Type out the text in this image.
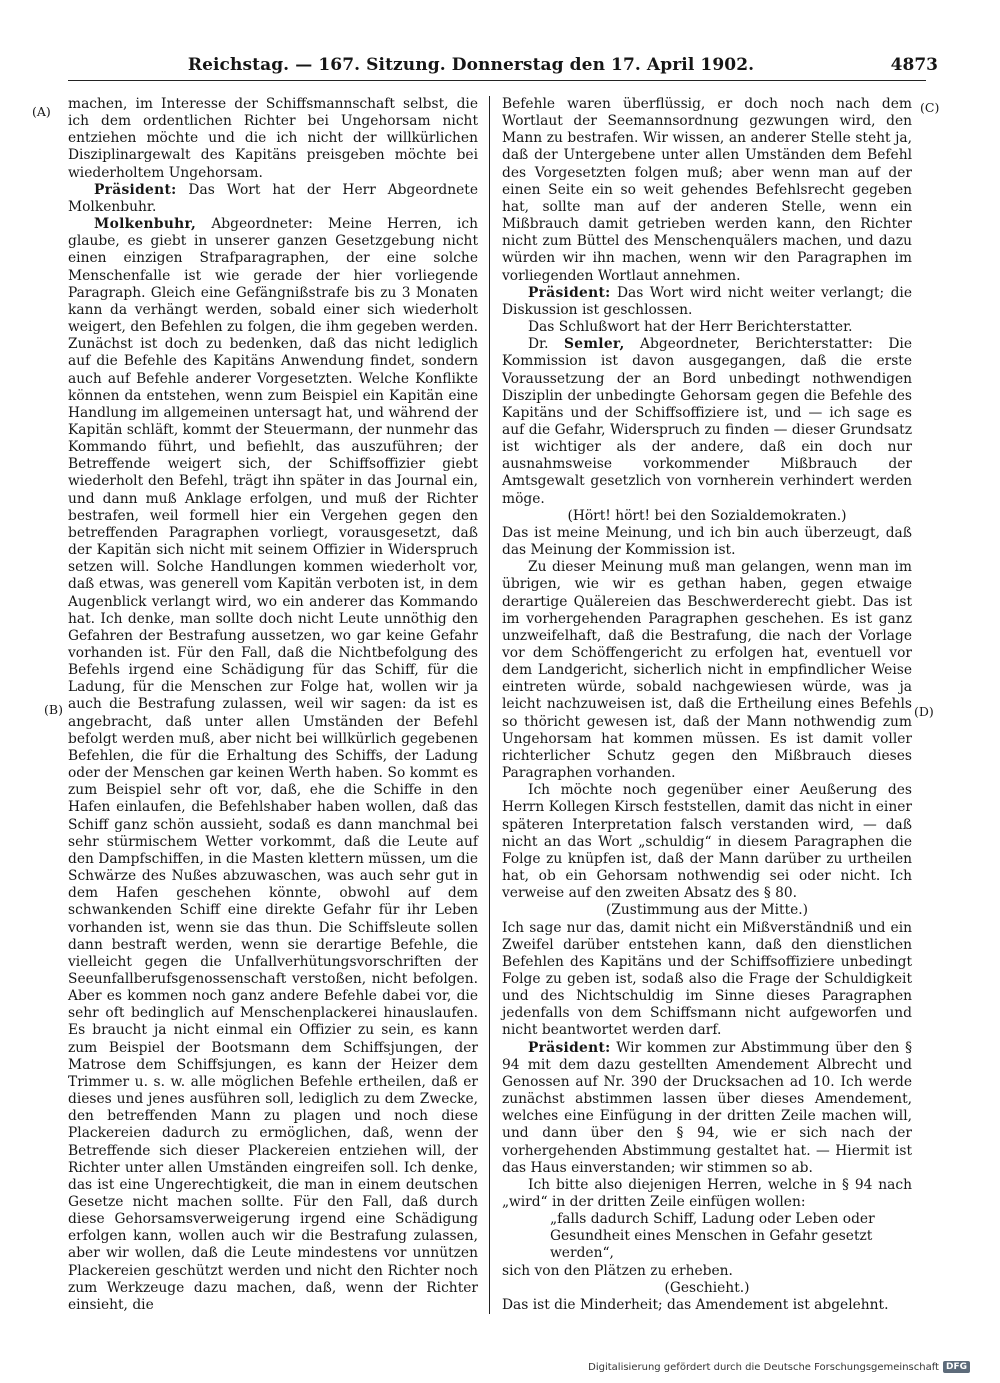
Reichstag. — 167. Sitzung. Donnerstag den 17. April 1902.	4873
(A)
(B)
(C)
(D)

machen, im Interesse der Schiffsmannschaft selbst, die ich dem ordentlichen Richter bei Ungehorsam nicht entziehen möchte und die ich nicht der willkürlichen Disziplinargewalt des Kapitäns preisgeben möchte bei wiederholtem Ungehorsam.

Präsident: Das Wort hat der Herr Abgeordnete Molkenbuhr.

Molkenbuhr, Abgeordneter: Meine Herren, ich glaube, es giebt in unserer ganzen Gesetzgebung nicht einen einzigen Strafparagraphen, der eine solche Menschenfalle ist wie gerade der hier vorliegende Paragraph. Gleich eine Gefängnißstrafe bis zu 3 Monaten kann da verhängt werden, sobald einer sich wiederholt weigert, den Befehlen zu folgen, die ihm gegeben werden. Zunächst ist doch zu bedenken, daß das nicht lediglich auf die Befehle des Kapitäns Anwendung findet, sondern auch auf Befehle anderer Vorgesetzten. Welche Konflikte können da entstehen, wenn zum Beispiel ein Kapitän eine Handlung im allgemeinen untersagt hat, und während der Kapitän schläft, kommt der Steuermann, der nunmehr das Kommando führt, und befiehlt, das auszuführen; der Betreffende weigert sich, der Schiffsoffizier giebt wiederholt den Befehl, trägt ihn später in das Journal ein, und dann muß Anklage erfolgen, und muß der Richter bestrafen, weil formell hier ein Vergehen gegen den betreffenden Paragraphen vorliegt, vorausgesetzt, daß der Kapitän sich nicht mit seinem Offizier in Widerspruch setzen will. Solche Handlungen kommen wiederholt vor, daß etwas, was generell vom Kapitän verboten ist, in dem Augenblick verlangt wird, wo ein anderer das Kommando hat. Ich denke, man sollte doch nicht Leute unnöthig den Gefahren der Bestrafung aussetzen, wo gar keine Gefahr vorhanden ist. Für den Fall, daß die Nichtbefolgung des Befehls irgend eine Schädigung für das Schiff, für die Ladung, für die Menschen zur Folge hat, wollen wir ja auch die Bestrafung zulassen, weil wir sagen: da ist es angebracht, daß unter allen Umständen der Befehl befolgt werden muß, aber nicht bei willkürlich gegebenen Befehlen, die für die Erhaltung des Schiffs, der Ladung oder der Menschen gar keinen Werth haben. So kommt es zum Beispiel sehr oft vor, daß, ehe die Schiffe in den Hafen einlaufen, die Befehlshaber haben wollen, daß das Schiff ganz schön aussieht, sodaß es dann manchmal bei sehr stürmischem Wetter vorkommt, daß die Leute auf den Dampfschiffen, in die Masten klettern müssen, um die Schwärze des Nußes abzuwaschen, was auch sehr gut in dem Hafen geschehen könnte, obwohl auf dem schwankenden Schiff eine direkte Gefahr für ihr Leben vorhanden ist, wenn sie das thun. Die Schiffsleute sollen dann bestraft werden, wenn sie derartige Befehle, die vielleicht gegen die Unfallverhütungsvorschriften der Seeunfallberufsgenossenschaft verstoßen, nicht befolgen. Aber es kommen noch ganz andere Befehle dabei vor, die sehr oft bedinglich auf Menschenplackerei hinauslaufen. Es braucht ja nicht einmal ein Offizier zu sein, es kann zum Beispiel der Bootsmann dem Schiffsjungen, der Matrose dem Schiffsjungen, es kann der Heizer dem Trimmer u. s. w. alle möglichen Befehle ertheilen, daß er dieses und jenes ausführen soll, lediglich zu dem Zwecke, den betreffenden Mann zu plagen und noch diese Plackereien dadurch zu ermöglichen, daß, wenn der Betreffende sich dieser Plackereien entziehen will, der Richter unter allen Umständen eingreifen soll. Ich denke, das ist eine Ungerechtigkeit, die man in einem deutschen Gesetze nicht machen sollte. Für den Fall, daß durch diese Gehorsamsverweigerung irgend eine Schädigung erfolgen kann, wollen auch wir die Bestrafung zulassen, aber wir wollen, daß die Leute mindestens vor unnützen Plackereien geschützt werden und nicht den Richter noch zum Werkzeuge dazu machen, daß, wenn der Richter einsieht, die

Befehle waren überflüssig, er doch noch nach dem Wortlaut der Seemannsordnung gezwungen wird, den Mann zu bestrafen. Wir wissen, an anderer Stelle steht ja, daß der Untergebene unter allen Umständen dem Befehl des Vorgesetzten folgen muß; aber wenn man auf der einen Seite ein so weit gehendes Befehlsrecht gegeben hat, sollte man auf der anderen Stelle, wenn ein Mißbrauch damit getrieben werden kann, den Richter nicht zum Büttel des Menschenquälers machen, und dazu würden wir ihn machen, wenn wir den Paragraphen im vorliegenden Wortlaut annehmen.

Präsident: Das Wort wird nicht weiter verlangt; die Diskussion ist geschlossen.

Das Schlußwort hat der Herr Berichterstatter.

Dr. Semler, Abgeordneter, Berichterstatter: Die Kommission ist davon ausgegangen, daß die erste Voraussetzung der an Bord unbedingt nothwendigen Disziplin der unbedingte Gehorsam gegen die Befehle des Kapitäns und der Schiffsoffiziere ist, und — ich sage es auf die Gefahr, Widerspruch zu finden — dieser Grundsatz ist wichtiger als der andere, daß ein doch nur ausnahmsweise vorkommender Mißbrauch der Amtsgewalt gesetzlich von vornherein verhindert werden möge.

(Hört! hört! bei den Sozialdemokraten.)

Das ist meine Meinung, und ich bin auch überzeugt, daß das Meinung der Kommission ist.

Zu dieser Meinung muß man gelangen, wenn man im übrigen, wie wir es gethan haben, gegen etwaige derartige Quälereien das Beschwerderecht giebt. Das ist im vorhergehenden Paragraphen geschehen. Es ist ganz unzweifelhaft, daß die Bestrafung, die nach der Vorlage vor dem Schöffengericht zu erfolgen hat, eventuell vor dem Landgericht, sicherlich nicht in empfindlicher Weise eintreten würde, sobald nachgewiesen würde, was ja leicht nachzuweisen ist, daß die Ertheilung eines Befehls so thöricht gewesen ist, daß der Mann nothwendig zum Ungehorsam hat kommen müssen. Es ist damit voller richterlicher Schutz gegen den Mißbrauch dieses Paragraphen vorhanden.

Ich möchte noch gegenüber einer Aeußerung des Herrn Kollegen Kirsch feststellen, damit das nicht in einer späteren Interpretation falsch verstanden wird, — daß nicht an das Wort „schuldig“ in diesem Paragraphen die Folge zu knüpfen ist, daß der Mann darüber zu urtheilen hat, ob ein Gehorsam nothwendig sei oder nicht. Ich verweise auf den zweiten Absatz des § 80.

(Zustimmung aus der Mitte.)

Ich sage nur das, damit nicht ein Mißverständniß und ein Zweifel darüber entstehen kann, daß den dienstlichen Befehlen des Kapitäns und der Schiffsoffiziere unbedingt Folge zu geben ist, sodaß also die Frage der Schuldigkeit und des Nichtschuldig im Sinne dieses Paragraphen jedenfalls von dem Schiffsmann nicht aufgeworfen und nicht beantwortet werden darf.

Präsident: Wir kommen zur Abstimmung über den § 94 mit dem dazu gestellten Amendement Albrecht und Genossen auf Nr. 390 der Drucksachen ad 10. Ich werde zunächst abstimmen lassen über dieses Amendement, welches eine Einfügung in der dritten Zeile machen will, und dann über den § 94, wie er sich nach der vorhergehenden Abstimmung gestaltet hat. — Hiermit ist das Haus einverstanden; wir stimmen so ab.

Ich bitte also diejenigen Herren, welche in § 94 nach „wird“ in der dritten Zeile einfügen wollen:

„falls dadurch Schiff, Ladung oder Leben oder Gesundheit eines Menschen in Gefahr gesetzt werden“,

sich von den Plätzen zu erheben.

(Geschieht.)

Das ist die Minderheit; das Amendement ist abgelehnt.

Digitalisierung gefördert durch die Deutsche Forschungsgemeinschaft DFG
